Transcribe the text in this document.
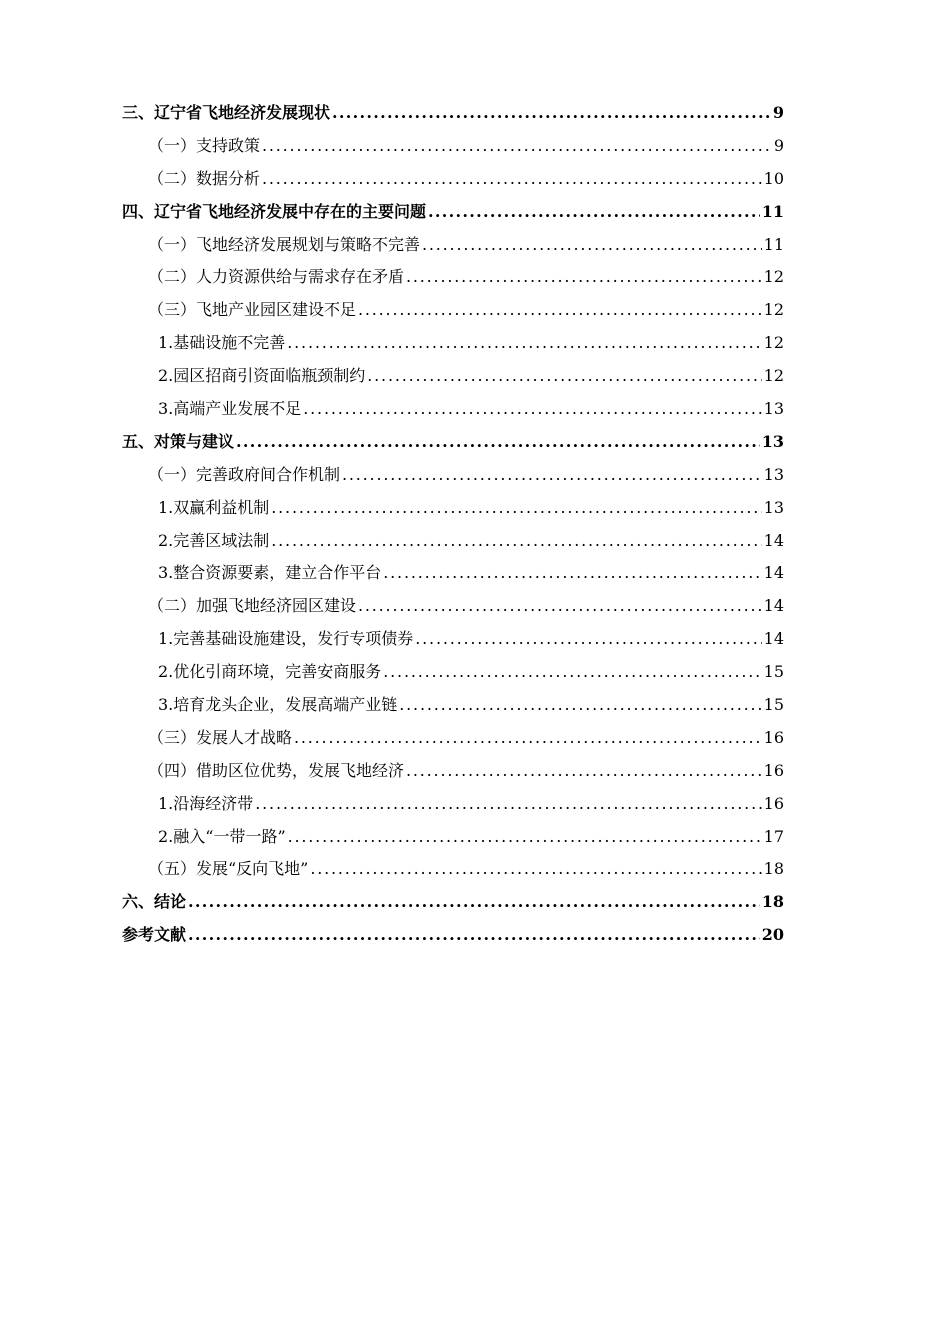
三、辽宁省飞地经济发展现状 .....	9
（一）支持政策 .....	9
（二）数据分析 .....	10
四、辽宁省飞地经济发展中存在的主要问题 .....	11
（一）飞地经济发展规划与策略不完善 .....	11
（二）人力资源供给与需求存在矛盾 .....	12
（三）飞地产业园区建设不足 .....	12
1.基础设施不完善 .....	12
2.园区招商引资面临瓶颈制约 .....	12
3.高端产业发展不足 .....	13
五、对策与建议 .....	13
（一）完善政府间合作机制 .....	13
1.双赢利益机制 .....	13
2.完善区域法制 .....	14
3.整合资源要素，建立合作平台 .....	14
（二）加强飞地经济园区建设 .....	14
1.完善基础设施建设，发行专项债券 .....	14
2.优化引商环境，完善安商服务 .....	15
3.培育龙头企业，发展高端产业链 .....	15
（三）发展人才战略 .....	16
（四）借助区位优势，发展飞地经济 .....	16
1.沿海经济带 .....	16
2.融入“一带一路” .....	17
（五）发展“反向飞地” .....	18
六、结论 .....	18
参考文献 .....	20
